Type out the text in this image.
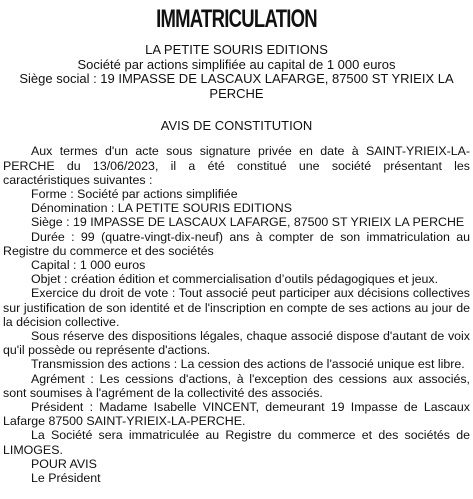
IMMATRICULATION
LA PETITE SOURIS EDITIONS
Société par actions simplifiée au capital de 1 000 euros
Siège social : 19 IMPASSE DE LASCAUX LAFARGE, 87500 ST YRIEIX LA PERCHE
AVIS DE CONSTITUTION

Aux termes d'un acte sous signature privée en date à SAINT-YRIEIX-LA-PERCHE du 13/06/2023, il a été constitué une société présentant les caractéristiques suivantes :

Forme : Société par actions simplifiée

Dénomination : LA PETITE SOURIS EDITIONS

Siège : 19 IMPASSE DE LASCAUX LAFARGE, 87500 ST YRIEIX LA PERCHE

Durée : 99 (quatre-vingt-dix-neuf) ans à compter de son immatriculation au Registre du commerce et des sociétés

Capital : 1 000 euros

Objet : création édition et commercialisation d’outils pédagogiques et jeux.

Exercice du droit de vote : Tout associé peut participer aux décisions collectives sur justification de son identité et de l'inscription en compte de ses actions au jour de la décision collective.

Sous réserve des dispositions légales, chaque associé dispose d'autant de voix qu'il possède ou représente d'actions.

Transmission des actions : La cession des actions de l'associé unique est libre.

Agrément : Les cessions d'actions, à l'exception des cessions aux associés, sont soumises à l'agrément de la collectivité des associés.

Président : Madame Isabelle VINCENT, demeurant 19 Impasse de Lascaux Lafarge 87500 SAINT-YRIEIX-LA-PERCHE.

La Société sera immatriculée au Registre du commerce et des sociétés de LIMOGES.

POUR AVIS

Le Président
